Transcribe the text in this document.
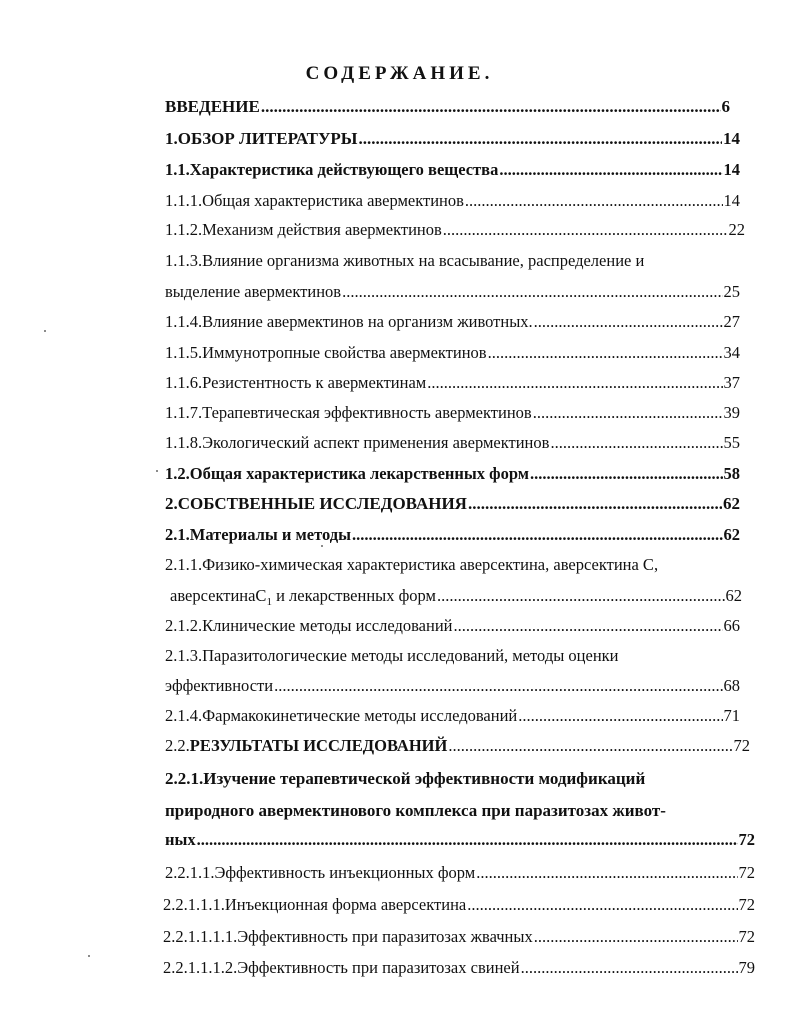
СОДЕРЖАНИЕ.
ВВЕДЕНИЕ .....	6
1.ОБЗОР ЛИТЕРАТУРЫ .....	14
1.1.Характеристика действующего вещества .....	14
1.1.1.Общая характеристика авермектинов .....	14
1.1.2.Механизм действия авермектинов .....	22
1.1.3.Влияние организма животных на всасывание, распределение и
выделение авермектинов .....	25
1.1.4.Влияние авермектинов на организм животных. .....	27
1.1.5.Иммунотропные свойства авермектинов .....	34
1.1.6.Резистентность к авермектинам .....	37
1.1.7.Терапевтическая эффективность авермектинов .....	39
1.1.8.Экологический аспект применения авермектинов .....	55
1.2.Общая характеристика лекарственных форм .....	58
2.СОБСТВЕННЫЕ ИССЛЕДОВАНИЯ .....	62
2.1.Материалы и методы .....	62
2.1.1.Физико-химическая характеристика аверсектина, аверсектина С,
аверсектинаС$_1$ и лекарственных форм .....	62
2.1.2.Клинические методы исследований .....	66
2.1.3.Паразитологические методы исследований, методы оценки
эффективности .....	68
2.1.4.Фармакокинетические методы исследований .....	71
2.2.РЕЗУЛЬТАТЫ ИССЛЕДОВАНИЙ .....	72
2.2.1.Изучение терапевтической эффективности модификаций
природного авермектинового комплекса при паразитозах живот-
ных .....	72
2.2.1.1.Эффективность инъекционных форм .....	72
2.2.1.1.1.Инъекционная форма аверсектина .....	72
2.2.1.1.1.1.Эффективность при паразитозах жвачных .....	72
2.2.1.1.1.2.Эффективность при паразитозах свиней .....	79
